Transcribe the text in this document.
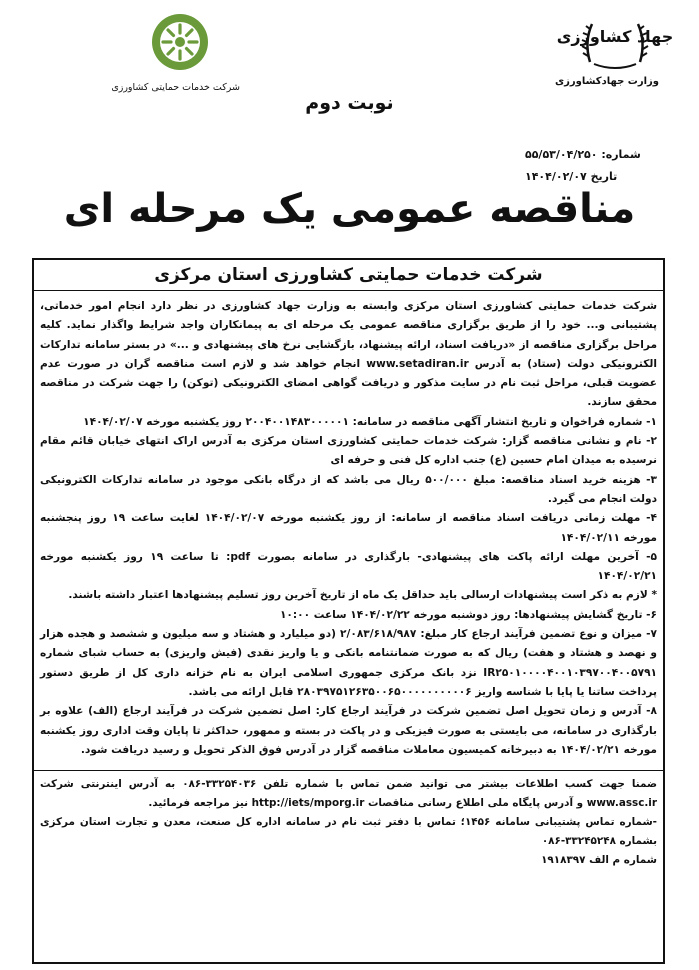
جهاد کشاورزی
وزارت جهادکشاورزی
شرکت خدمات حمایتی کشاورزی
نوبت دوم
شماره: ۵۵/۵۳/۰۴/۲۵۰
تاریخ ۱۴۰۴/۰۲/۰۷
مناقصه عمومی یک مرحله ای
شرکت خدمات حمایتی کشاورزی استان مرکزی

شرکت خدمات حمایتی کشاورزی استان مرکزی وابسته به وزارت جهاد کشاورزی در نظر دارد انجام امور خدماتی، پشتیبانی و... خود را از طریق برگزاری مناقصه عمومی یک مرحله ای به پیمانکاران واجد شرایط واگذار نماید. کلیه مراحل برگزاری مناقصه از «دریافت اسناد، ارائه پیشنهاد، بازگشایی نرخ های پیشنهادی و ...» در بستر سامانه تدارکات الکترونیکی دولت (ستاد) به آدرس www.setadiran.ir انجام خواهد شد و لازم است مناقصه گران در صورت عدم عضویت قبلی، مراحل ثبت نام در سایت مذکور و دریافت گواهی امضای الکترونیکی (توکن) را جهت شرکت در مناقصه محقق سازند.

۱- شماره فراخوان و تاریخ انتشار آگهی مناقصه در سامانه: ۲۰۰۴۰۰۱۴۸۳۰۰۰۰۰۱ روز یکشنبه مورخه ۱۴۰۴/۰۲/۰۷

۲- نام و نشانی مناقصه گزار: شرکت خدمات حمایتی کشاورزی استان مرکزی به آدرس اراک انتهای خیابان قائم مقام نرسیده به میدان امام حسین (ع) جنب اداره کل فنی و حرفه ای

۳- هزینه خرید اسناد مناقصه: مبلغ ۵۰۰/۰۰۰ ریال می باشد که از درگاه بانکی موجود در سامانه تدارکات الکترونیکی دولت انجام می گیرد.

۴- مهلت زمانی دریافت اسناد مناقصه از سامانه: از روز یکشنبه مورخه ۱۴۰۴/۰۲/۰۷ لغایت ساعت ۱۹ روز پنجشنبه مورخه ۱۴۰۴/۰۲/۱۱

۵- آخرین مهلت ارائه پاکت های پیشنهادی- بارگذاری در سامانه بصورت pdf: تا ساعت ۱۹ روز یکشنبه مورخه ۱۴۰۴/۰۲/۲۱

* لازم به ذکر است پیشنهادات ارسالی باید حداقل یک ماه از تاریخ آخرین روز تسلیم پیشنهادها اعتبار داشته باشند.

۶- تاریخ گشایش پیشنهادها: روز دوشنبه مورخه ۱۴۰۴/۰۲/۲۲ ساعت ۱۰:۰۰

۷- میزان و نوع تضمین فرآیند ارجاع کار مبلغ: ۲/۰۸۳/۶۱۸/۹۸۷ (دو میلیارد و هشتاد و سه میلیون و ششصد و هجده هزار و نهصد و هشتاد و هفت) ریال که به صورت ضمانتنامه بانکی و یا واریز نقدی (فیش واریزی) به حساب شبای شماره IR۲۵۰۱۰۰۰۰۴۰۰۱۰۳۹۷۰۰۴۰۰۵۷۹۱ نزد بانک مرکزی جمهوری اسلامی ایران به نام خزانه داری کل از طریق دستور پرداخت ساتنا یا پایا با شناسه واریز ۲۸۰۳۹۷۵۱۲۶۳۵۰۰۶۵۰۰۰۰۰۰۰۰۰۰۶ قابل ارائه می باشد.

۸- آدرس و زمان تحویل اصل تضمین شرکت در فرآیند ارجاع کار: اصل تضمین شرکت در فرآیند ارجاع (الف) علاوه بر بارگذاری در سامانه، می بایستی به صورت فیزیکی و در پاکت در بسته و ممهور، حداکثر تا پایان وقت اداری روز یکشنبه مورخه ۱۴۰۴/۰۲/۲۱ به دبیرخانه کمیسیون معاملات مناقصه گزار در آدرس فوق الذکر تحویل و رسید دریافت شود.

ضمنا جهت کسب اطلاعات بیشتر می توانید ضمن تماس با شماره تلفن ۳۳۲۵۴۰۳۶-۰۸۶ به آدرس اینترنتی شرکت www.assc.ir و آدرس پایگاه ملی اطلاع رسانی مناقصات http://iets/mporg.ir نیز مراجعه فرمائید.

-شماره تماس پشتیبانی سامانه ۱۴۵۶؛ تماس با دفتر ثبت نام در سامانه اداره کل صنعت، معدن و تجارت استان مرکزی بشماره ۳۳۲۴۵۲۴۸-۰۸۶

شماره م الف ۱۹۱۸۳۹۷
